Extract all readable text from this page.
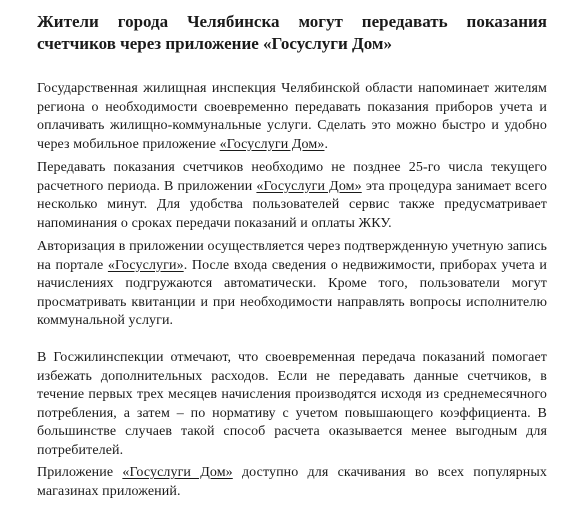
Жители города Челябинска могут передавать показания счетчиков через приложение «Госуслуги Дом»

Государственная жилищная инспекция Челябинской области напоминает жителям региона о необходимости своевременно передавать показания приборов учета и оплачивать жилищно-коммунальные услуги. Сделать это можно быстро и удобно через мобильное приложение «Госуслуги Дом».

Передавать показания счетчиков необходимо не позднее 25-го числа текущего расчетного периода. В приложении «Госуслуги Дом» эта процедура занимает всего несколько минут. Для удобства пользователей сервис также предусматривает напоминания о сроках передачи показаний и оплаты ЖКУ.

Авторизация в приложении осуществляется через подтвержденную учетную запись на портале «Госуслуги». После входа сведения о недвижимости, приборах учета и начислениях подгружаются автоматически. Кроме того, пользователи могут просматривать квитанции и при необходимости направлять вопросы исполнителю коммунальной услуги.

В Госжилинспекции отмечают, что своевременная передача показаний помогает избежать дополнительных расходов. Если не передавать данные счетчиков, в течение первых трех месяцев начисления производятся исходя из среднемесячного потребления, а затем – по нормативу с учетом повышающего коэффициента. В большинстве случаев такой способ расчета оказывается менее выгодным для потребителей.

Приложение «Госуслуги Дом» доступно для скачивания во всех популярных магазинах приложений.
